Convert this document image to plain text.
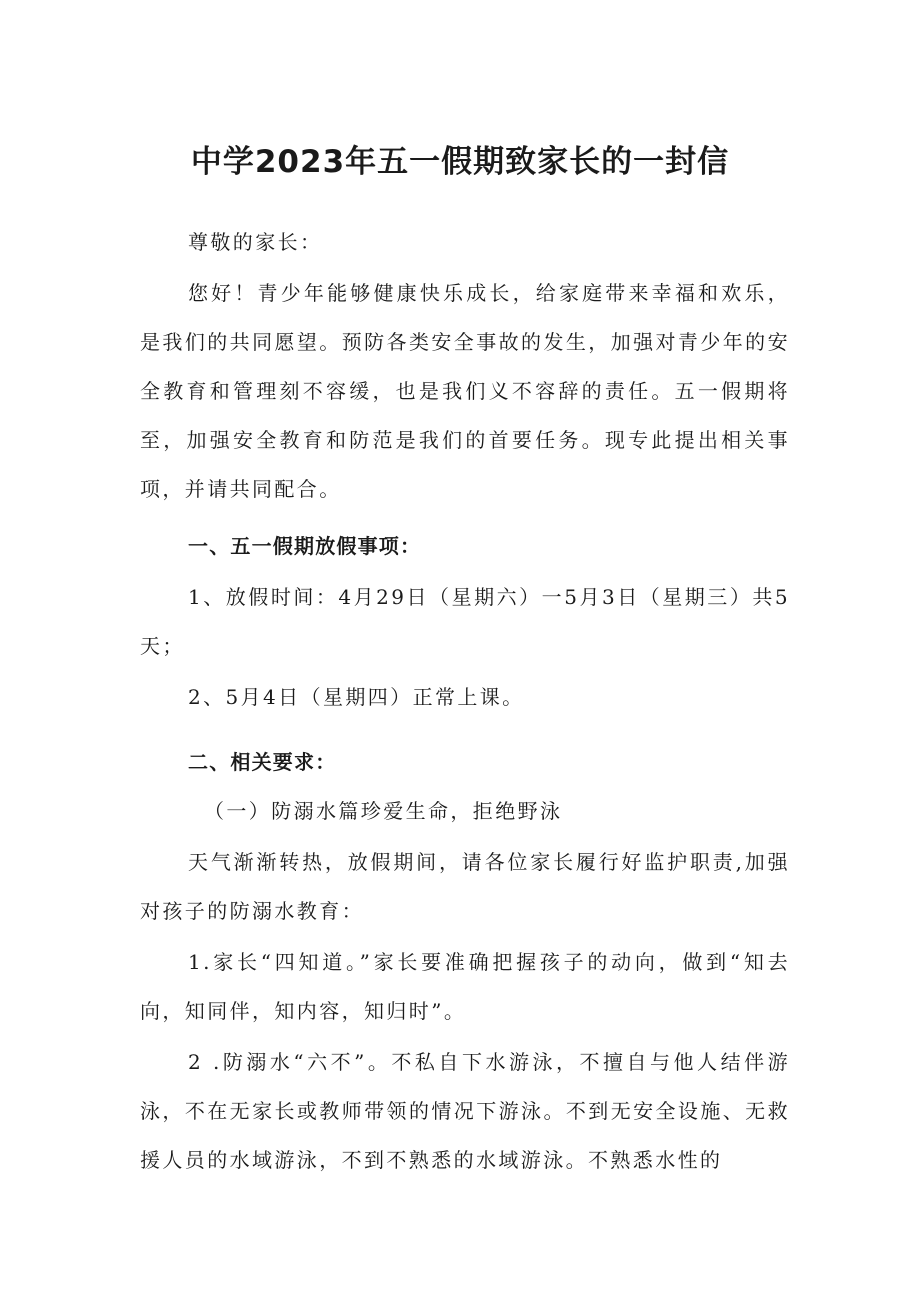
中学2023年五一假期致家长的一封信

尊敬的家长：

您好！青少年能够健康快乐成长，给家庭带来幸福和欢乐，是我们的共同愿望。预防各类安全事故的发生，加强对青少年的安全教育和管理刻不容缓，也是我们义不容辞的责任。五一假期将至，加强安全教育和防范是我们的首要任务。现专此提出相关事项，并请共同配合。

一、五一假期放假事项：

1、放假时间：4月29日（星期六）一5月3日（星期三）共5天；

2、5月4日（星期四）正常上课。

二、相关要求：

（一）防溺水篇珍爱生命，拒绝野泳

天气渐渐转热，放假期间，请各位家长履行好监护职责,加强对孩子的防溺水教育：

1.家长“四知道。”家长要准确把握孩子的动向，做到“知去向，知同伴，知内容，知归时”。

2 .防溺水“六不”。不私自下水游泳，不擅自与他人结伴游泳，不在无家长或教师带领的情况下游泳。不到无安全设施、无救援人员的水域游泳，不到不熟悉的水域游泳。不熟悉水性的
